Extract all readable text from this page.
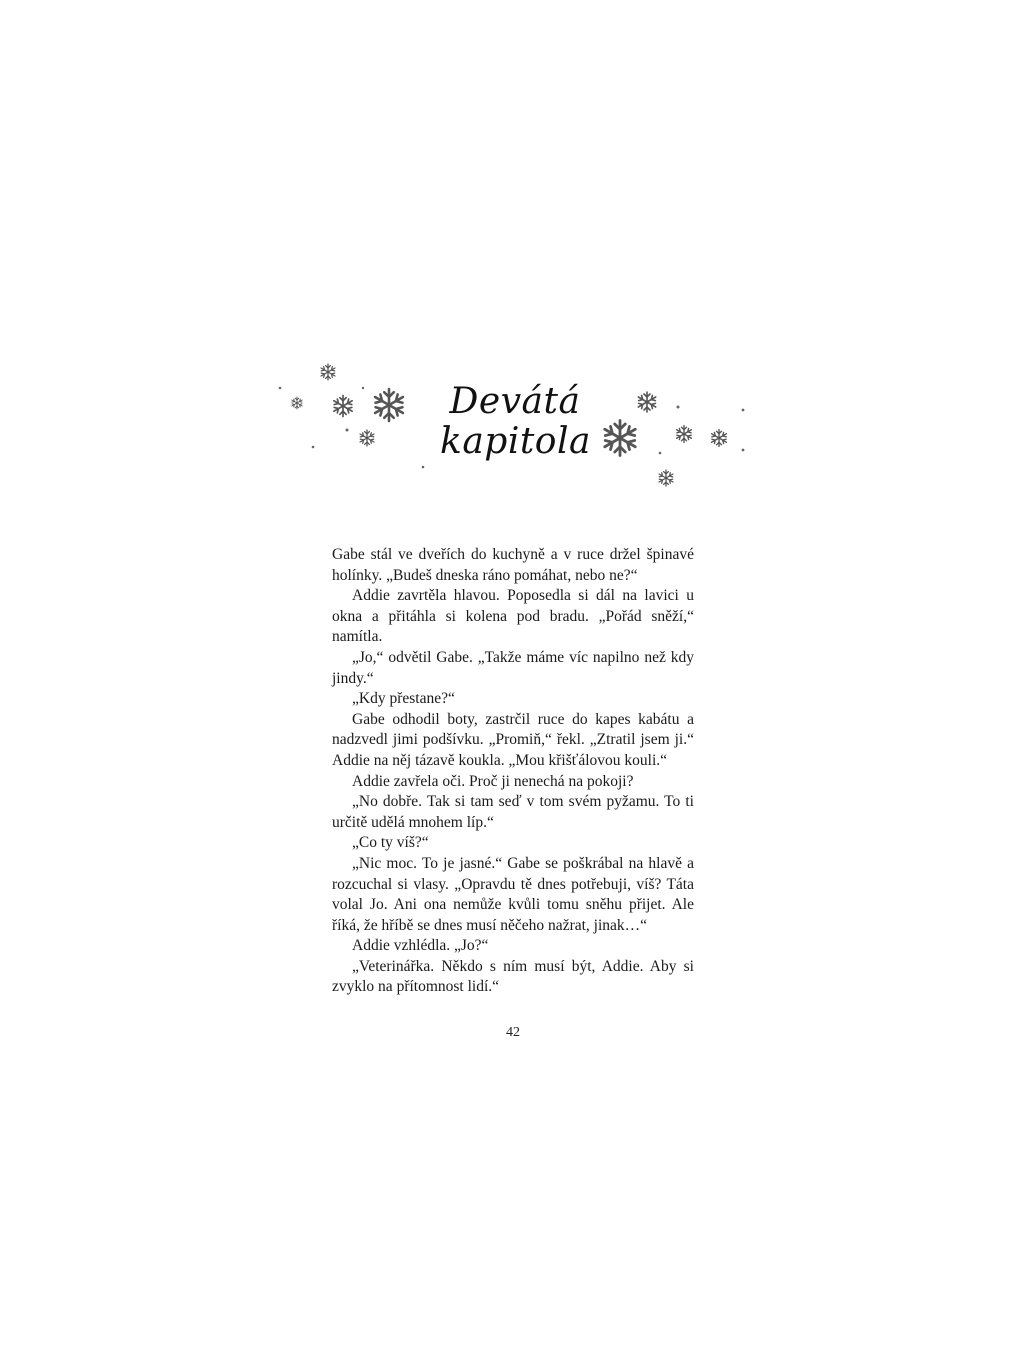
Devátá
kapitola

Gabe stál ve dveřích do kuchyně a v ruce držel špinavé holínky. „Budeš dneska ráno pomáhat, nebo ne?“

Addie zavrtěla hlavou. Poposedla si dál na lavici u okna a přitáhla si kolena pod bradu. „Pořád sněží,“ namítla.

„Jo,“ odvětil Gabe. „Takže máme víc napilno než kdy jindy.“

„Kdy přestane?“

Gabe odhodil boty, zastrčil ruce do kapes kabátu a nadzvedl jimi podšívku. „Promiň,“ řekl. „Ztratil jsem ji.“ Addie na něj tázavě koukla. „Mou křišťálovou kouli.“

Addie zavřela oči. Proč ji nenechá na pokoji?

„No dobře. Tak si tam seď v tom svém pyžamu. To ti určitě udělá mnohem líp.“

„Co ty víš?“

„Nic moc. To je jasné.“ Gabe se poškrábal na hlavě a rozcuchal si vlasy. „Opravdu tě dnes potřebuji, víš? Táta volal Jo. Ani ona nemůže kvůli tomu sněhu přijet. Ale říká, že hříbě se dnes musí něčeho nažrat, jinak…“

Addie vzhlédla. „Jo?“

„Veterinářka. Někdo s ním musí být, Addie. Aby si zvyklo na přítomnost lidí.“

42
